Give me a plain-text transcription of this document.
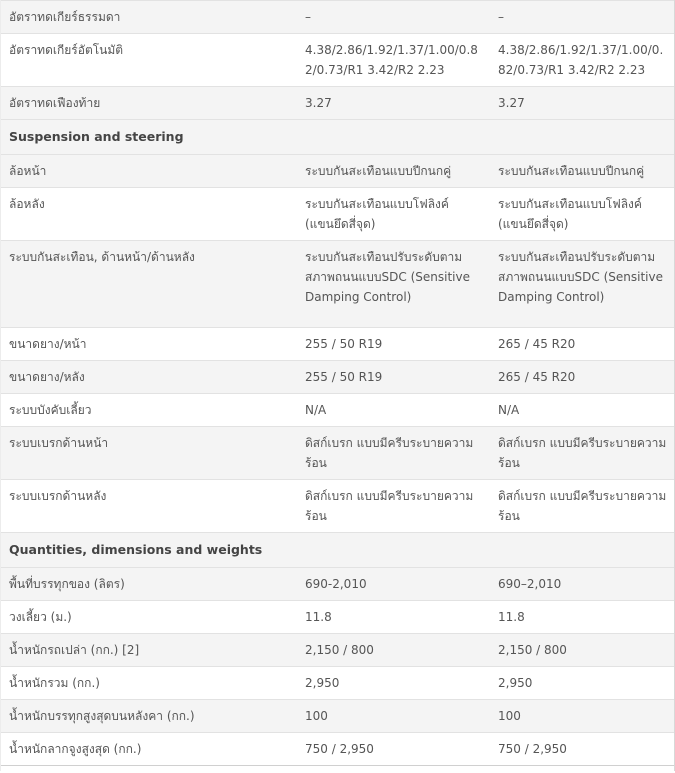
อัตราทดเกียร์ธรรมดา	–	–
อัตราทดเกียร์อัตโนมัติ	4.38/2.86/1.92/1.37/1.00/0.82/0.73/R1 3.42/R2 2.23	4.38/2.86/1.92/1.37/1.00/0.82/0.73/R1 3.42/R2 2.23
อัตราทดเฟืองท้าย	3.27	3.27
Suspension and steering		
ล้อหน้า	ระบบกันสะเทือนแบบปีกนกคู่	ระบบกันสะเทือนแบบปีกนกคู่
ล้อหลัง	ระบบกันสะเทือนแบบโฟลิงค์ (แขนยึดสี่จุด)	ระบบกันสะเทือนแบบโฟลิงค์ (แขนยึดสี่จุด)
ระบบกันสะเทือน, ด้านหน้า/ด้านหลัง	ระบบกันสะเทือนปรับระดับตามสภาพถนนแบบSDC (Sensitive Damping Control)	ระบบกันสะเทือนปรับระดับตามสภาพถนนแบบSDC (Sensitive Damping Control)
ขนาดยาง/หน้า	255 / 50 R19	265 / 45 R20
ขนาดยาง/หลัง	255 / 50 R19	265 / 45 R20
ระบบบังคับเลี้ยว	N/A	N/A
ระบบเบรกด้านหน้า	ดิสก์เบรก แบบมีครีบระบายความร้อน	ดิสก์เบรก แบบมีครีบระบายความร้อน
ระบบเบรกด้านหลัง	ดิสก์เบรก แบบมีครีบระบายความร้อน	ดิสก์เบรก แบบมีครีบระบายความร้อน
Quantities, dimensions and weights		
พื้นที่บรรทุกของ (ลิตร)	690-2,010	690–2,010
วงเลี้ยว (ม.)	11.8	11.8
น้ำหนักรถเปล่า (กก.) [2]	2,150 / 800	2,150 / 800
น้ำหนักรวม (กก.)	2,950	2,950
น้ำหนักบรรทุกสูงสุดบนหลังคา (กก.)	100	100
น้ำหนักลากจูงสูงสุด (กก.)	750 / 2,950	750 / 2,950
